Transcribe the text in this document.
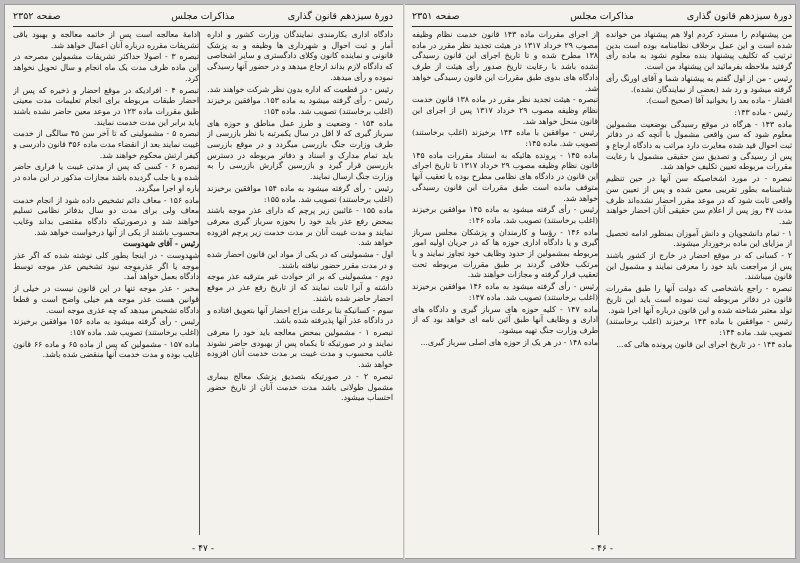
دورهٔ سیزدهم قانون گذاری
مذاکرات مجلس
صفحه ۲۳۵۲

دادگاه اداری بکارمندی نمایندگان وزارت کشور و اداره آمار و ثبت احوال و شهرداری ها وظیفه و به پزشک قانونی و نماینده کانون وکلای دادگستری و سایر اشخاصی که دادگاه لازم بداند ارجاع میدهد و در حضور آنها رسیدگی نموده و رأی میدهد.

رئیس - در قطعیت که اداره بدون نظر شرکت خواهند شد.

رئیس - رأی گرفته میشود به ماده ۱۵۳. موافقین برخیزند (اغلب برخاستند) تصویب شد. ماده ۱۵۴:

ماده ۱۵۴ - وضعیت و طرز عمل مناطق و حوزه های سرباز گیری که لا اقل در سال یکمرتبه با نظر بازرسی از طرف وزارت جنگ بازرسی میگردد و در موقع بازرسی باید تمام مدارک و اسناد و دفاتر مربوطه در دسترس بازرسین قرار گیرد و بازرسین گزارش بازرسی را به وزارت جنگ ارسال نمایند.

رئیس - رأی گرفته میشود به ماده ۱۵۴ موافقین برخیزند (اغلب برخاستند) تصویب شد. ماده ۱۵۵:

ماده ۱۵۵ - غائبین زیر پرچم که دارای عذر موجه باشند بمحض رفع عذر باید خود را بحوزه سرباز گیری معرفی نمایند و مدت غیبت آنان بر مدت خدمت زیر پرچم افزوده خواهد شد.

اول - مشمولینی که در یکی از مواد این قانون احضار شده و در مدت مقرر حضور نیافته باشند.

دوم - مشمولینی که بر اثر حوادث غیر مترقبه عذر موجه داشته و آنرا ثابت نمایند که از تاریخ رفع عذر در موقع احضار حاضر شده باشند.

سوم - کسانیکه بنا برعلت مزاج احضار آنها بتعویق افتاده و در دادگاه عذر آنها پذیرفته شده باشد.

تبصره ۱ - مشمولین بمحض معالجه باید خود را معرفی نمایند و در صورتیکه تا یکماه پس از بهبودی حاضر نشوند غائب محسوب و مدت غیبت بر مدت خدمت آنان افزوده خواهد شد.

تبصره ۲ - در صورتیکه بتصدیق پزشک معالج بیماری مشمول طولانی باشد مدت خدمت آنان از تاریخ حضور احتساب میشود.

ادامهٔ معالجه است پس از خاتمه معالجه و بهبود باقی تشریفات مقرره درباره آنان اعمال خواهد شد.

تبصره ۳ - اصولا حداکثر تشریفات مشمولین مصرحه در این ماده ظرف مدت یک ماه انجام و سال تحویل نخواهد کرد.

تبصره ۴ - افرادیکه در موقع احضار و ذخیره که پس از احضار طبقات مربوطه برای انجام تعلیمات مدت معینی طبق مقررات ماده ۱۲۳ در موعد معین حاضر نشده باشند باید برابر این مدت خدمت نمایند.

تبصره ۵ - مشمولینی که تا آخر سن ۴۵ سالگی از خدمت غیبت نمایند بعد از انقضاء مدت ماده ۳۵۶ قانون دادرسی و کیفر ارتش محکوم خواهند شد.

تبصره ۶ - کسی که پس از مدتی غیبت یا فراری حاضر شده و یا جلب گردیده باشد مجازات مذکور در این ماده در باره او اجرا میگردد.

ماده ۱۵۶ - معاف دائم تشخیص داده شود از انجام خدمت معاف ولی برای مدت دو سال بدفاتر نظامی تسلیم خواهند شد و درصورتیکه دادگاه مقتضی بداند وغایب محسوب باشند از یکی از آنها درخواست خواهد شد.

رئیس - آقای شهدوست

شهدوست - در اینجا بطور کلی نوشته شده که اگر عذر موجه یا اگر عذرموجه نبود تشخیص عذر موجه توسط دادگاه بعمل خواهد آمد.

مخبر - عذر موجه تنها در این قانون نیست در خیلی از قوانین هست عذر موجه هم خیلی واضح است و قطعا دادگاه تشخیص میدهد که چه عذری موجه است.

رئیس - رأی گرفته میشود به ماده ۱۵۶ موافقین برخیزند (اغلب برخاستند) تصویب شد. ماده ۱۵۷:

ماده ۱۵۷ - مشمولین که پس از ماده ۶۵ و ماده ۶۶ قانون غایب بوده و مدت خدمت آنها منقضی شده باشد.

- ۴۷ -
دورهٔ سیزدهم قانون گذاری
مذاکرات مجلس
صفحه ۲۳۵۱

من پیشنهادم را مسترد کردم اولا هم پیشنهاد من خوانده شده است و این عمل برخلاف نظامنامه بوده است بدین ترتیب که تکلیف پیشنهاد بنده معلوم نشود به ماده رأی گرفتید ملاحظه بفرمائید این پیشنهاد من است.

رئیس - من از اول گفتم به پیشنهاد شما و آقای اورنگ رأی گرفته میشود و رد شد (بعضی از نمایندگان نشده).

افشار - ماده بعد را بخوانید آقا (صحیح است).

رئیس - ماده ۱۴۳:

ماده ۱۴۳ - هرگاه در موقع رسیدگی بوضعیت مشمولین معلوم شود که سن واقعی مشمول با آنچه که در دفاتر ثبت احوال قید شده مغایرت دارد مراتب به دادگاه ارجاع و پس از رسیدگی و تصدیق سن حقیقی مشمول با رعایت مقررات مربوطه تعیین تکلیف خواهد شد.

تبصره - در مورد اشخاصیکه سن آنها در حین تنظیم شناسنامه بطور تقریبی معین شده و پس از تعیین سن واقعی ثابت شود که در موعد مقرر احضار نشده‌اند ظرف مدت ۴۷ روز پس از اعلام سن حقیقی آنان احضار خواهند شد.

۱ - تمام دانشجویان و دانش آموزان بمنظور ادامه تحصیل از مزایای این ماده برخوردار میشوند.

۲ - کسانی که در موقع احضار در خارج از کشور باشند پس از مراجعت باید خود را معرفی نمایند و مشمول این قانون میباشند.

تبصره - راجع باشخاصی که دولت آنها را طبق مقررات قانون در دفاتر مربوطه ثبت نموده است باید این تاریخ تولد معتبر شناخته شده و این قانون درباره آنها اجرا شود.

رئیس - موافقین با ماده ۱۴۳ برخیزند (اغلب برخاستند) تصویب شد. ماده ۱۴۴:

ماده ۱۴۴ - در تاریخ اجرای این قانون پرونده هائی که...

از اجرای مقررات ماده ۱۴۳ قانون خدمت نظام وظیفه مصوب ۲۹ خرداد ۱۳۱۷ در هیئت تجدید نظر مقرر در ماده ۱۳۸ مطرح شده و تا تاریخ اجرای این قانون رسیدگی نشده باشد با رعایت تاریخ صدور رأی هیئت از طرف دادگاه های بدوی طبق مقررات این قانون رسیدگی خواهد شد.

تبصره - هیئت تجدید نظر مقرر در ماده ۱۳۸ قانون خدمت نظام وظیفه مصوب ۲۹ خرداد ۱۳۱۷ پس از اجرای این قانون منحل خواهد شد.

رئیس - موافقین با ماده ۱۴۴ برخیزند (اغلب برخاستند) تصویب شد. ماده ۱۴۵:

ماده ۱۴۵ - پرونده هائیکه به استناد مقررات ماده ۱۴۵ قانون نظام وظیفه مصوب ۲۹ خرداد ۱۳۱۷ تا تاریخ اجرای این قانون در دادگاه های نظامی مطرح بوده یا تعقیب آنها متوقف مانده است طبق مقررات این قانون رسیدگی خواهد شد.

رئیس - رأی گرفته میشود به ماده ۱۴۵ موافقین برخیزند (اغلب برخاستند) تصویب شد. ماده ۱۴۶:

ماده ۱۴۶ - رؤسا و کارمندان و پزشکان مجلس سرباز گیری و یا دادگاه اداری حوزه ها که در جریان اولیه امور مربوطه بمشمولین از حدود وظایف خود تجاوز نمایند و یا مرتکب خلافی گردند بر طبق مقررات مربوطه تحت تعقیب قرار گرفته و مجازات خواهند شد.

رئیس - رأی گرفته میشود به ماده ۱۴۶ موافقین برخیزند (اغلب برخاستند) تصویب شد. ماده ۱۴۷:

ماده ۱۴۷ - کلیه حوزه های سرباز گیری و دادگاه های اداری و وظایف آنها طبق آئین نامه ای خواهد بود که از طرف وزارت جنگ تهیه میشود.

ماده ۱۴۸ - در هر یک از حوزه های اصلی سرباز گیری...

- ۴۶ -
